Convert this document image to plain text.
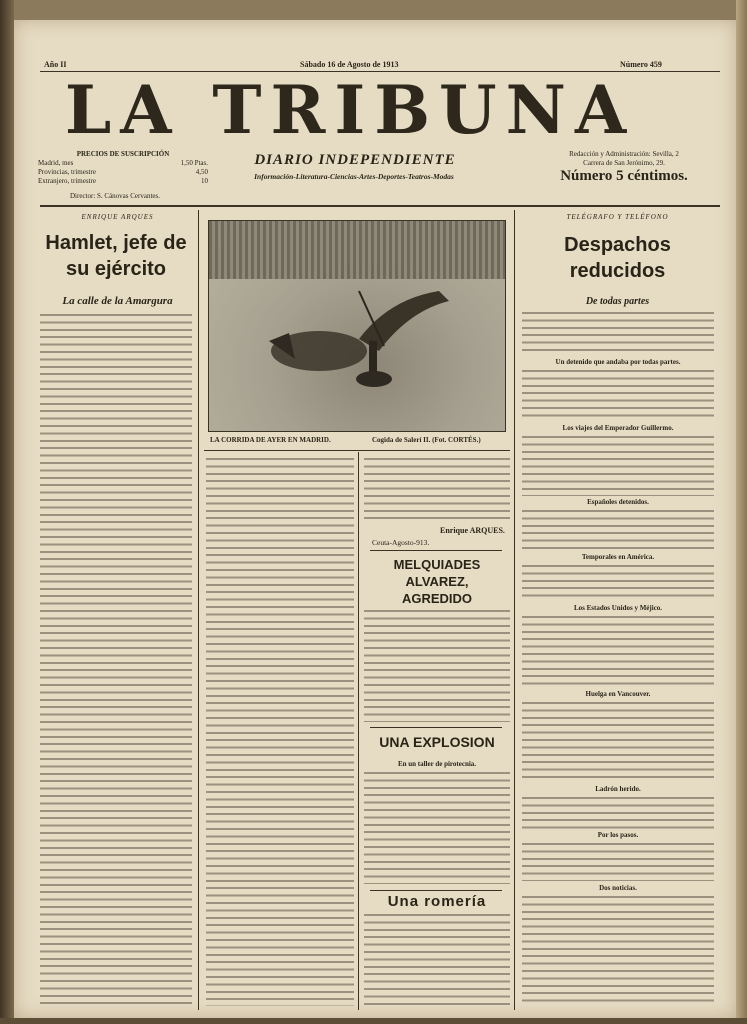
Año II	Sábado 16 de Agosto de 1913	Número 459
LA TRIBUNA
PRECIOS DE SUSCRIPCIÓN
Madrid, mes	1,50 Ptas.
Provincias, trimestre	4,50
Extranjero, trimestre	10
DIARIO INDEPENDIENTE
Información-Literatura-Ciencias-Artes-Deportes-Teatros-Modas
Redacción y Administración: Sevilla, 2
Carrera de San Jerónimo, 29.
Número 5 céntimos.
Director: S. Cánovas Cervantes.
ENRIQUE ARQUES
Hamlet, jefe de
su ejército
La calle de la Amargura
LA CORRIDA DE AYER EN MADRID.	Cogida de Salerí II. (Fot. CORTÉS.)
Enrique ARQUES.
Ceuta-Agosto-913.
MELQUIADES ALVAREZ,
AGREDIDO
UNA EXPLOSION
En un taller de pirotecnia.
Una romería
TELÉGRAFO Y TELÉFONO
Despachos
reducidos
De todas partes
Un detenido que andaba por todas partes.
Los viajes del Emperador Guillermo.
Españoles detenidos.
Temporales en América.
Los Estados Unidos y Méjico.
Huelga en Vancouver.
Ladrón herido.
Por los pasos.
Dos noticias.
